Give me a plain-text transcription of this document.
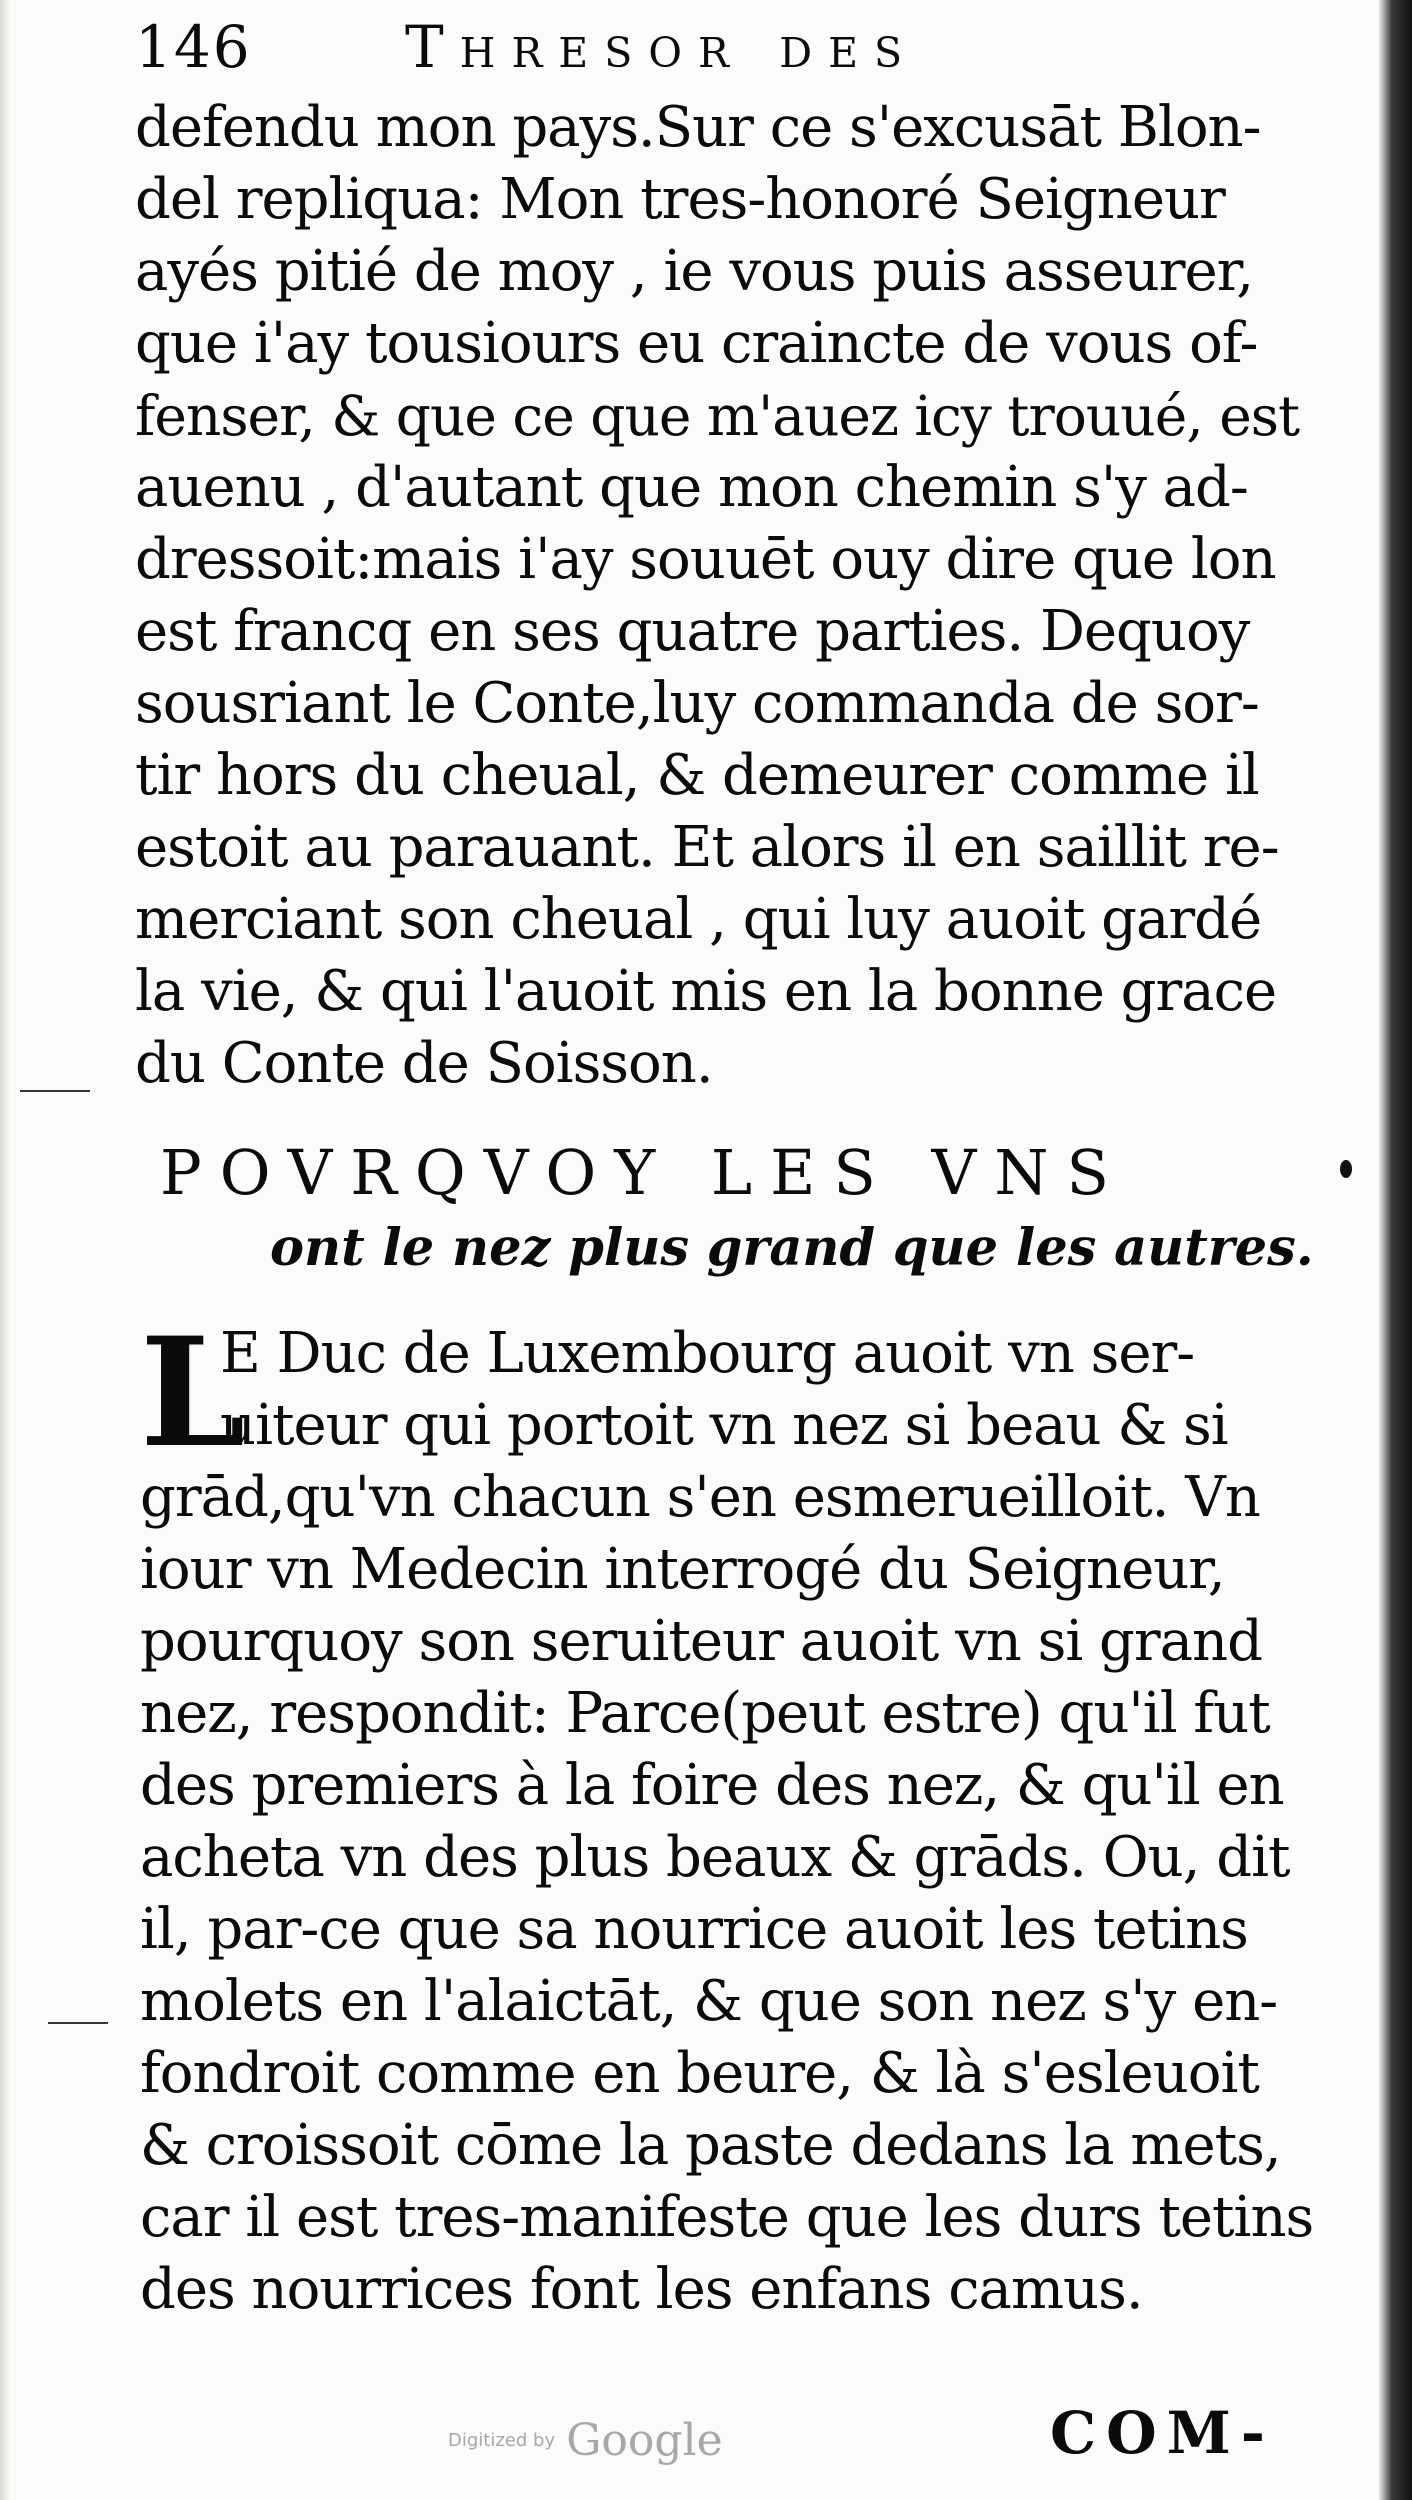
146	Thresor des
defendu mon pays.Sur ce s'excusāt Blon-
del repliqua: Mon tres-honoré Seigneur
ayés pitié de moy , ie vous puis asseurer,
que i'ay tousiours eu craincte de vous of-
fenser, & que ce que m'auez icy trouué, est
auenu , d'autant que mon chemin s'y ad-
dressoit:mais i'ay souuēt ouy dire que lon
est francq en ses quatre parties. Dequoy
sousriant le Conte,luy commanda de sor-
tir hors du cheual, & demeurer comme il
estoit au parauant. Et alors il en saillit re-
merciant son cheual , qui luy auoit gardé
la vie, & qui l'auoit mis en la bonne grace
du Conte de Soisson.
POVRQVOY LES VNS
ont le nez plus grand que les autres.
L
E Duc de Luxembourg auoit vn ser-
uiteur qui portoit vn nez si beau & si
grād,qu'vn chacun s'en esmerueilloit. Vn
iour vn Medecin interrogé du Seigneur,
pourquoy son seruiteur auoit vn si grand
nez, respondit: Parce(peut estre) qu'il fut
des premiers à la foire des nez, & qu'il en
acheta vn des plus beaux & grāds. Ou, dit
il, par-ce que sa nourrice auoit les tetins
molets en l'alaictāt, & que son nez s'y en-
fondroit comme en beure, & là s'esleuoit
& croissoit cōme la paste dedans la mets,
car il est tres-manifeste que les durs tetins
des nourrices font les enfans camus.
COM-
Digitized by Google
